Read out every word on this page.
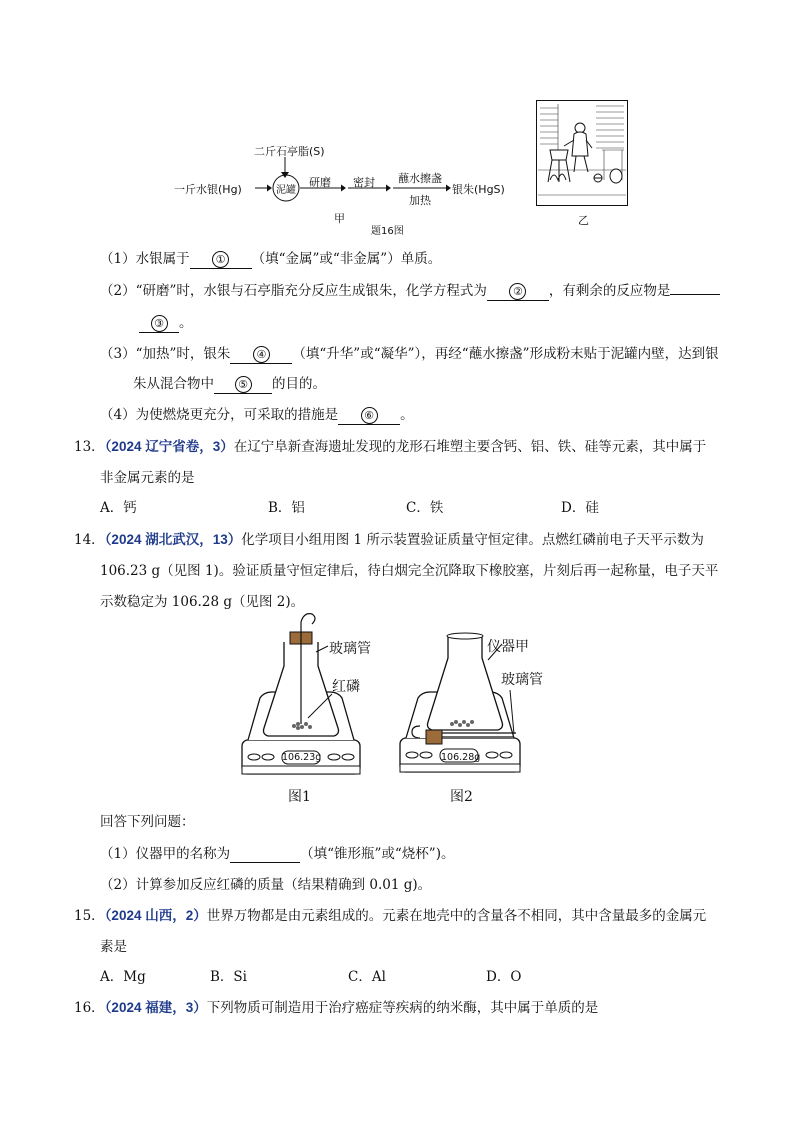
二斤石亭脂(S)
一斤水银(Hg)	泥罐
研磨 密封 蘸水擦盏
加热
银朱(HgS)
甲
题16图
乙
（1）水银属于 ① （填“金属”或“非金属”）单质。
（2）“研磨”时，水银与石亭脂充分反应生成银朱，化学方程式为 ② ，有剩余的反应物是
③ 。
（3）“加热”时，银朱 ④ （填“升华”或“凝华”），再经“蘸水擦盏”形成粉末贴于泥罐内壁，达到银
朱从混合物中 ⑤ 的目的。
（4）为使燃烧更充分，可采取的措施是 ⑥ 。
13．（2024 辽宁省卷，3）在辽宁阜新查海遗址发现的龙形石堆塑主要含钙、铝、铁、硅等元素，其中属于
非金属元素的是
A．钙	B．铝	C．铁	D．硅
14．（2024 湖北武汉，13）化学项目小组用图 1 所示装置验证质量守恒定律。点燃红磷前电子天平示数为
106.23 g（见图 1)。验证质量守恒定律后，待白烟完全沉降取下橡胶塞，片刻后再一起称量，电子天平
示数稳定为 106.28 g（见图 2)。
玻璃管
红磷
106.23g
图1
仪器甲
玻璃管
106.28g
图2
回答下列问题：
（1）仪器甲的名称为	（填“锥形瓶”或“烧杯”)。
（2）计算参加反应红磷的质量（结果精确到 0.01 g)。
15．（2024 山西，2）世界万物都是由元素组成的。元素在地壳中的含量各不相同，其中含量最多的金属元
素是
A．Mg	B．Si	C．Al	D．O
16．（2024 福建，3）下列物质可制造用于治疗癌症等疾病的纳米酶，其中属于单质的是
